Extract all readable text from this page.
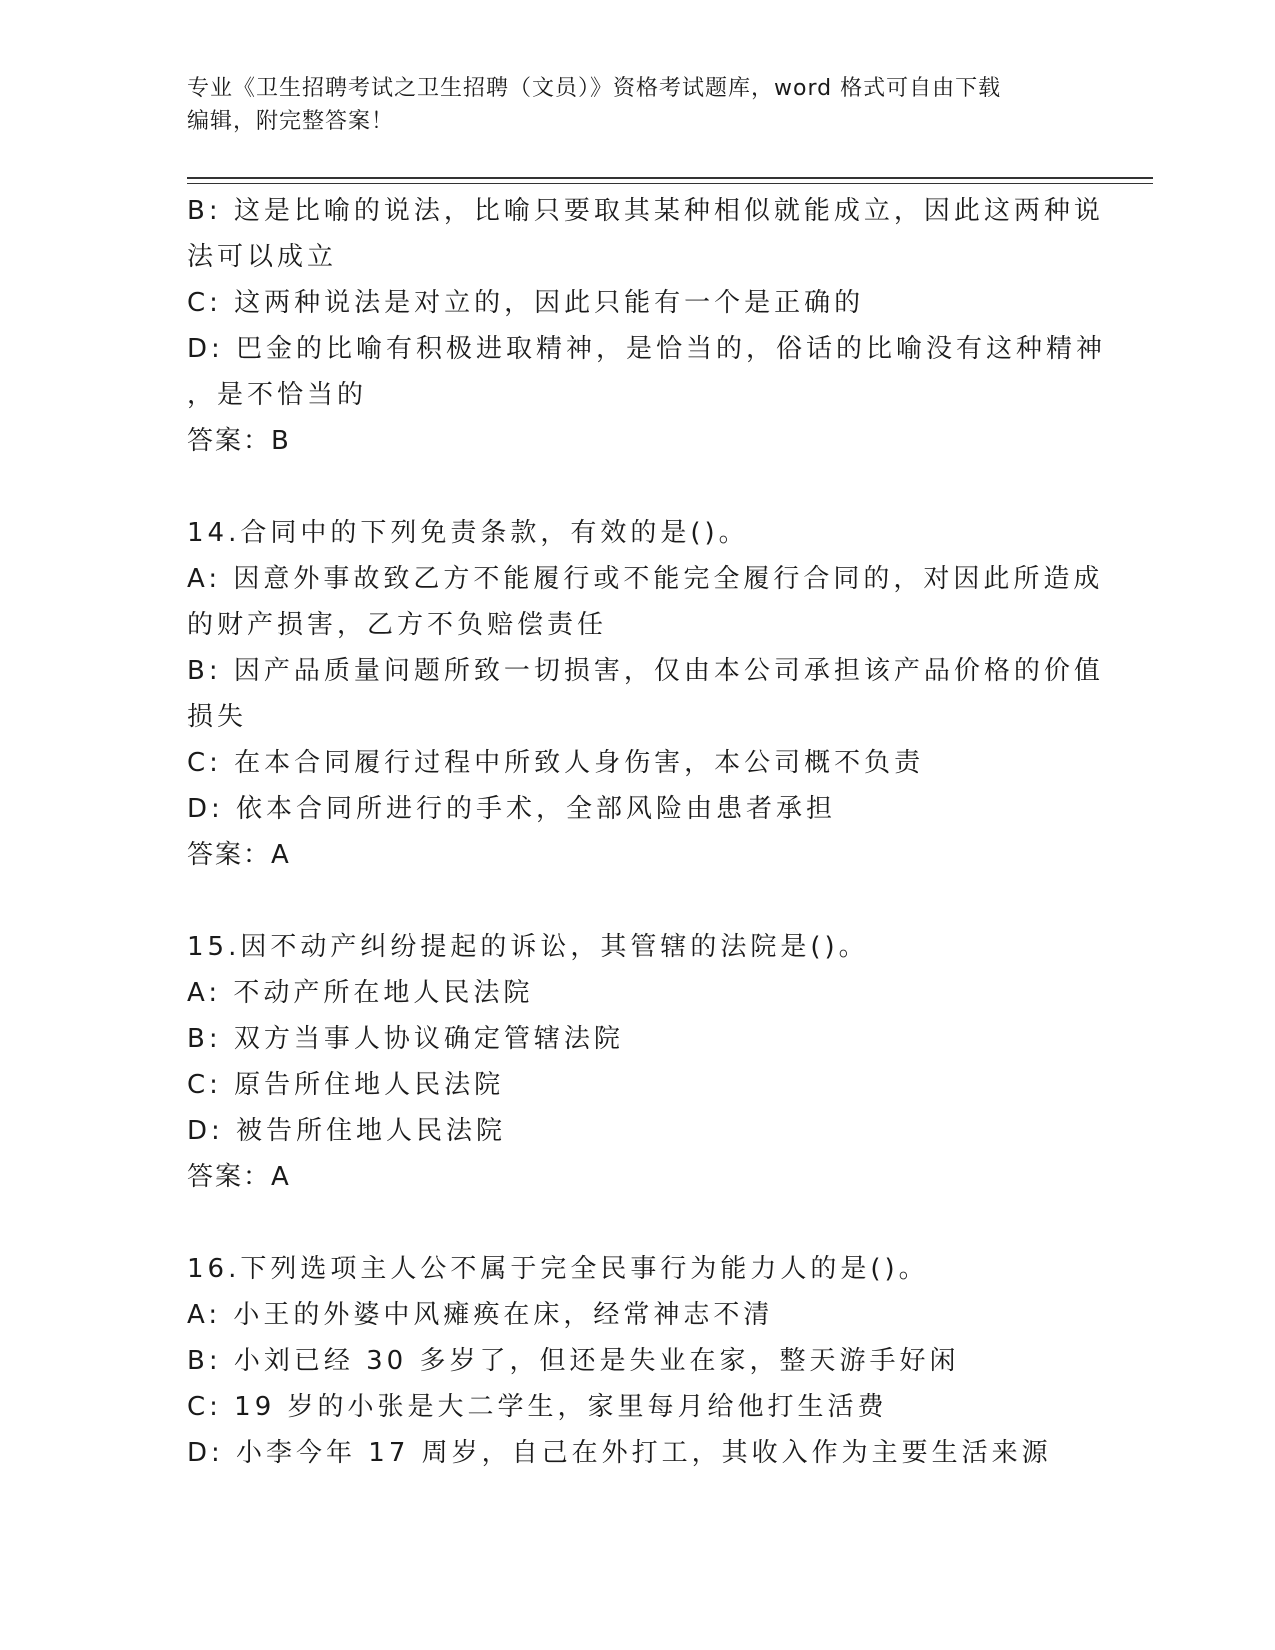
专业《卫生招聘考试之卫生招聘（文员）》资格考试题库，word 格式可自由下载
编辑，附完整答案！
B: 这是比喻的说法，比喻只要取其某种相似就能成立，因此这两种说
法可以成立
C: 这两种说法是对立的，因此只能有一个是正确的
D: 巴金的比喻有积极进取精神，是恰当的，俗话的比喻没有这种精神
，是不恰当的
答案：B
14.合同中的下列免责条款，有效的是()。
A: 因意外事故致乙方不能履行或不能完全履行合同的，对因此所造成
的财产损害，乙方不负赔偿责任
B: 因产品质量问题所致一切损害，仅由本公司承担该产品价格的价值
损失
C: 在本合同履行过程中所致人身伤害，本公司概不负责
D: 依本合同所进行的手术，全部风险由患者承担
答案：A
15.因不动产纠纷提起的诉讼，其管辖的法院是()。
A: 不动产所在地人民法院
B: 双方当事人协议确定管辖法院
C: 原告所住地人民法院
D: 被告所住地人民法院
答案：A
16.下列选项主人公不属于完全民事行为能力人的是()。
A: 小王的外婆中风瘫痪在床，经常神志不清
B: 小刘已经 30 多岁了，但还是失业在家，整天游手好闲
C: 19 岁的小张是大二学生，家里每月给他打生活费
D: 小李今年 17 周岁，自己在外打工，其收入作为主要生活来源
